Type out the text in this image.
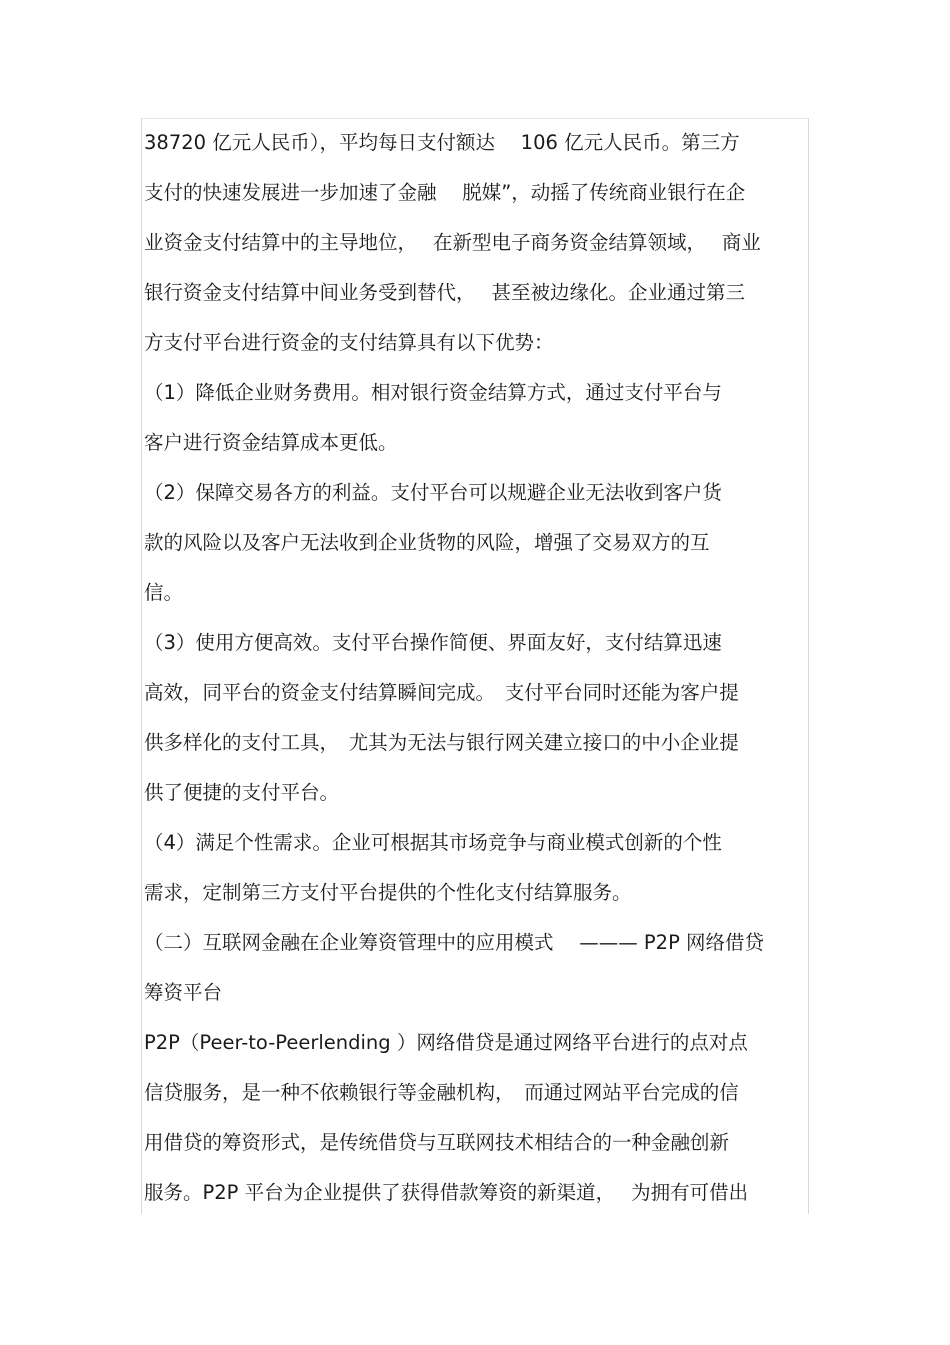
38720 亿元人民币），平均每日支付额达　 106 亿元人民币。第三方
支付的快速发展进一步加速了金融　 脱媒”，动摇了传统商业银行在企
业资金支付结算中的主导地位，　 在新型电子商务资金结算领域，　 商业
银行资金支付结算中间业务受到替代，　 甚至被边缘化。企业通过第三
方支付平台进行资金的支付结算具有以下优势：
（1）降低企业财务费用。相对银行资金结算方式，通过支付平台与
客户进行资金结算成本更低。
（2）保障交易各方的利益。支付平台可以规避企业无法收到客户货
款的风险以及客户无法收到企业货物的风险，增强了交易双方的互
信。
（3）使用方便高效。支付平台操作简便、界面友好，支付结算迅速
高效，同平台的资金支付结算瞬间完成。　支付平台同时还能为客户提
供多样化的支付工具，　尤其为无法与银行网关建立接口的中小企业提
供了便捷的支付平台。
（4）满足个性需求。企业可根据其市场竞争与商业模式创新的个性
需求，定制第三方支付平台提供的个性化支付结算服务。
（二）互联网金融在企业筹资管理中的应用模式　 ——— P2P 网络借贷
筹资平台
P2P（Peer-to-Peerlending ）网络借贷是通过网络平台进行的点对点
信贷服务，是一种不依赖银行等金融机构，　而通过网站平台完成的信
用借贷的筹资形式，是传统借贷与互联网技术相结合的一种金融创新
服务。P2P 平台为企业提供了获得借款筹资的新渠道，　 为拥有可借出
